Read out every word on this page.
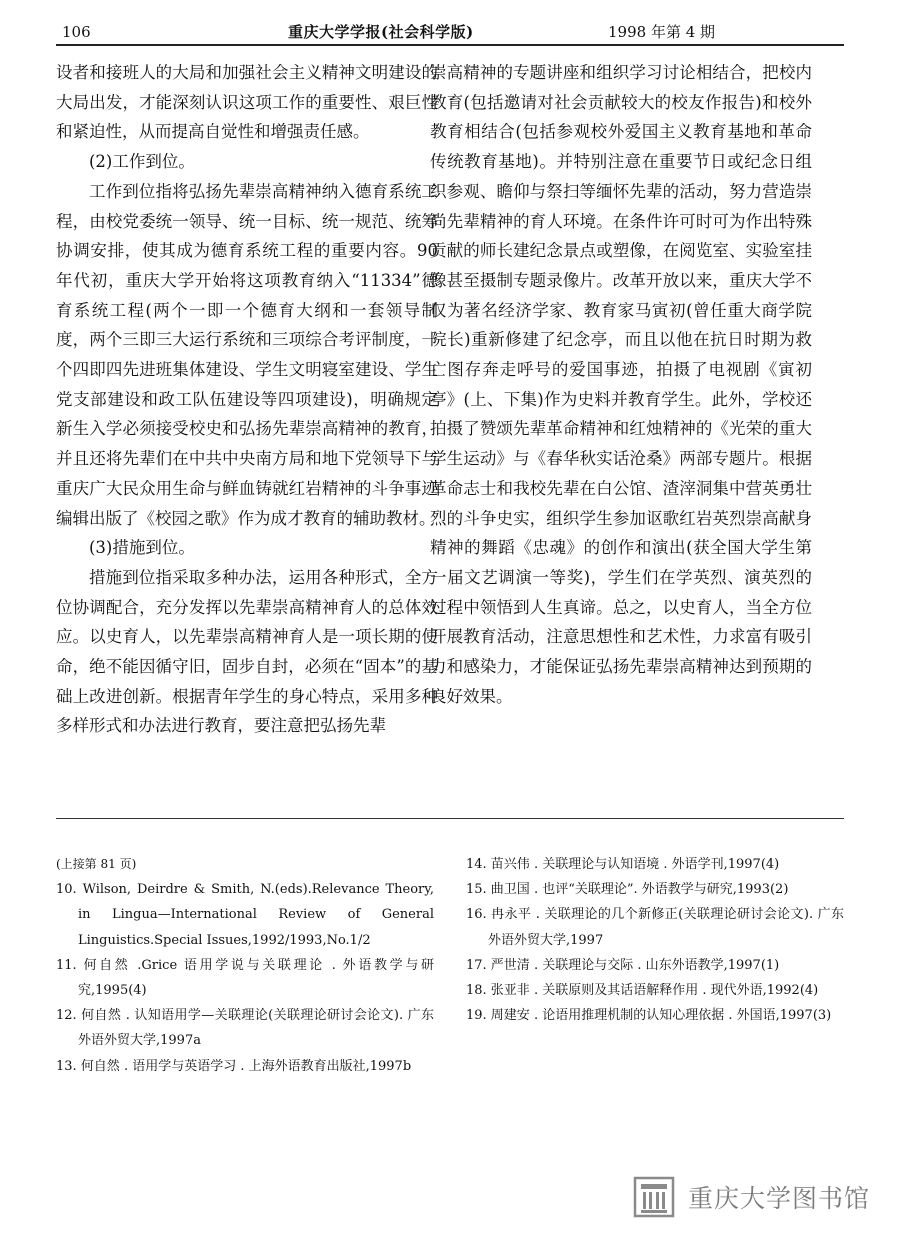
106	重庆大学学报(社会科学版)	1998 年第 4 期

设者和接班人的大局和加强社会主义精神文明建设的大局出发，才能深刻认识这项工作的重要性、艰巨性和紧迫性，从而提高自觉性和增强责任感。

(2)工作到位。

工作到位指将弘扬先辈崇高精神纳入德育系统工程，由校党委统一领导、统一目标、统一规范、统筹协调安排，使其成为德育系统工程的重要内容。90 年代初，重庆大学开始将这项教育纳入“11334”德育系统工程(两个一即一个德育大纲和一套领导制度，两个三即三大运行系统和三项综合考评制度，一个四即四先进班集体建设、学生文明寝室建设、学生党支部建设和政工队伍建设等四项建设)，明确规定新生入学必须接受校史和弘扬先辈崇高精神的教育，并且还将先辈们在中共中央南方局和地下党领导下与重庆广大民众用生命与鲜血铸就红岩精神的斗争事迹编辑出版了《校园之歌》作为成才教育的辅助教材。

(3)措施到位。

措施到位指采取多种办法，运用各种形式，全方位协调配合，充分发挥以先辈崇高精神育人的总体效应。以史育人，以先辈崇高精神育人是一项长期的使命，绝不能因循守旧，固步自封，必须在“固本”的基础上改进创新。根据青年学生的身心特点，采用多种多样形式和办法进行教育，要注意把弘扬先辈

崇高精神的专题讲座和组织学习讨论相结合，把校内教育(包括邀请对社会贡献较大的校友作报告)和校外教育相结合(包括参观校外爱国主义教育基地和革命传统教育基地)。并特别注意在重要节日或纪念日组织参观、瞻仰与祭扫等缅怀先辈的活动，努力营造崇尚先辈精神的育人环境。在条件许可时可为作出特殊贡献的师长建纪念景点或塑像，在阅览室、实验室挂像甚至摄制专题录像片。改革开放以来，重庆大学不仅为著名经济学家、教育家马寅初(曾任重大商学院院长)重新修建了纪念亭，而且以他在抗日时期为救亡图存奔走呼号的爱国事迹，拍摄了电视剧《寅初亭》(上、下集)作为史料并教育学生。此外，学校还拍摄了赞颂先辈革命精神和红烛精神的《光荣的重大学生运动》与《春华秋实话沧桑》两部专题片。根据革命志士和我校先辈在白公馆、渣滓洞集中营英勇壮烈的斗争史实，组织学生参加讴歌红岩英烈崇高献身精神的舞蹈《忠魂》的创作和演出(获全国大学生第一届文艺调演一等奖)，学生们在学英烈、演英烈的过程中领悟到人生真谛。总之，以史育人，当全方位开展教育活动，注意思想性和艺术性，力求富有吸引力和感染力，才能保证弘扬先辈崇高精神达到预期的良好效果。

(上接第 81 页)

10. Wilson, Deirdre & Smith, N.(eds).Relevance Theory, in Lingua—International Review of General Linguistics.Special Issues,1992/1993,No.1/2

11. 何自然 .Grice 语用学说与关联理论 . 外语教学与研究,1995(4)

12. 何自然 . 认知语用学—关联理论(关联理论研讨会论文). 广东外语外贸大学,1997a

13. 何自然 . 语用学与英语学习 . 上海外语教育出版社,1997b

14. 苗兴伟 . 关联理论与认知语境 . 外语学刊,1997(4)

15. 曲卫国 . 也评“关联理论”. 外语教学与研究,1993(2)

16. 冉永平 . 关联理论的几个新修正(关联理论研讨会论文). 广东外语外贸大学,1997

17. 严世清 . 关联理论与交际 . 山东外语教学,1997(1)

18. 张亚非 . 关联原则及其话语解释作用 . 现代外语,1992(4)

19. 周建安 . 论语用推理机制的认知心理依据 . 外国语,1997(3)

重庆大学图书馆
